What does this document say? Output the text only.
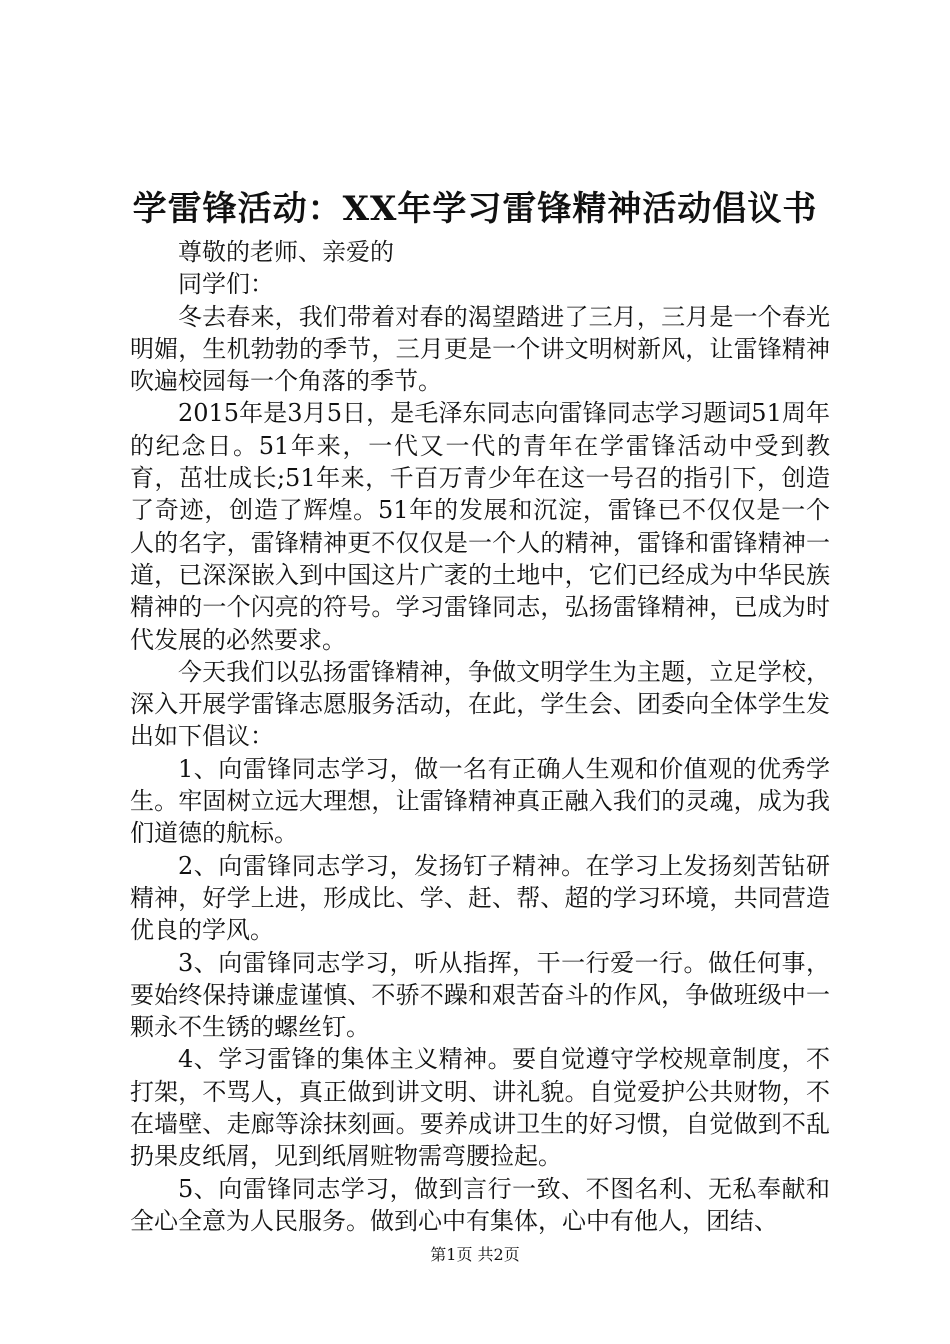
学雷锋活动：XX年学习雷锋精神活动倡议书

尊敬的老师、亲爱的

同学们：

冬去春来，我们带着对春的渴望踏进了三月，三月是一个春光明媚，生机勃勃的季节，三月更是一个讲文明树新风，让雷锋精神吹遍校园每一个角落的季节。

2015年是3月5日，是毛泽东同志向雷锋同志学习题词51周年的纪念日。51年来，一代又一代的青年在学雷锋活动中受到教育，茁壮成长;51年来，千百万青少年在这一号召的指引下，创造了奇迹，创造了辉煌。51年的发展和沉淀，雷锋已不仅仅是一个人的名字，雷锋精神更不仅仅是一个人的精神，雷锋和雷锋精神一道，已深深嵌入到中国这片广袤的土地中，它们已经成为中华民族精神的一个闪亮的符号。学习雷锋同志，弘扬雷锋精神，已成为时代发展的必然要求。

今天我们以弘扬雷锋精神，争做文明学生为主题，立足学校，深入开展学雷锋志愿服务活动，在此，学生会、团委向全体学生发出如下倡议：

1、向雷锋同志学习，做一名有正确人生观和价值观的优秀学生。牢固树立远大理想，让雷锋精神真正融入我们的灵魂，成为我们道德的航标。

2、向雷锋同志学习，发扬钉子精神。在学习上发扬刻苦钻研精神，好学上进，形成比、学、赶、帮、超的学习环境，共同营造优良的学风。

3、向雷锋同志学习，听从指挥，干一行爱一行。做任何事，要始终保持谦虚谨慎、不骄不躁和艰苦奋斗的作风，争做班级中一颗永不生锈的螺丝钉。

4、学习雷锋的集体主义精神。要自觉遵守学校规章制度，不打架，不骂人，真正做到讲文明、讲礼貌。自觉爱护公共财物，不在墙壁、走廊等涂抹刻画。要养成讲卫生的好习惯，自觉做到不乱扔果皮纸屑，见到纸屑赃物需弯腰捡起。

5、向雷锋同志学习，做到言行一致、不图名利、无私奉献和全心全意为人民服务。做到心中有集体，心中有他人，团结、

第1页 共2页
